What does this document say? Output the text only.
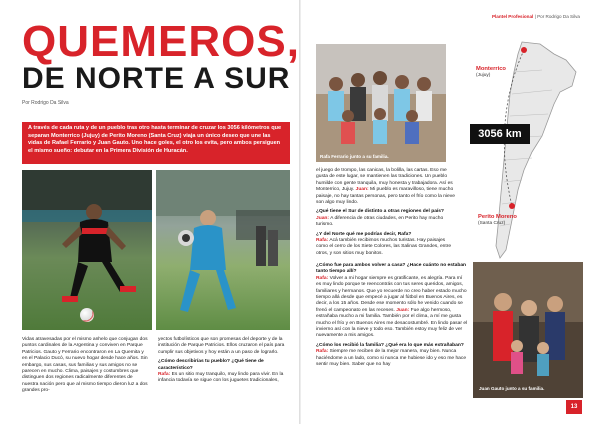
QUEMEROS,
DE NORTE A SUR
Por Rodrigo Da Silva
A través de cada ruta y de un pueblo tras otro hasta terminar de cruzar los 3056 kilómetros que separan Monterrico (Jujuy) de Perito Moreno (Santa Cruz) viaja un único deseo que une las vidas de Rafael Ferrario y Juan Gauto. Uno hace goles, el otro los evita, pero ambos persiguen el mismo sueño: debutar en la Primera División de Huracán.
Vidas atravesadas por el mismo anhelo que conjugan dos puntos cardinales de la Argentina y conviven en Parque Patricios. Gauto y Ferrario encontraron en La Quemita y en el Palacio Ducó, su nuevo hogar desde hace años. Sin embargo, sus casas, sus familias y sus amigos no se parecen en mucho. Clima, paisajes y costumbres que distinguen dos regiones radicalmente diferentes de nuestra nación pero que al mismo tiempo dieron luz a dos grandes pro-
yectos futbolísticos que son promesas del deporte y de la institución de Parque Patricios. Ellos cruzaron el país para cumplir sus objetivos y hoy están a un paso de lograrlo.
¿Cómo describirías tu pueblo? ¿Qué tiene de característico?
Rafa: Es un sitio muy tranquilo, muy lindo para vivir. En la infancia todavía se sigue con los juguetes tradicionales,
Plantel Profesional | Por Rodrigo Da Silva
Rafa Ferrario junto a su familia.
el juego de trompo, las canicas, la bolilla, las cartas. Eso me gusta de este lugar, se mantienen las tradiciones. Un pueblo humilde con gente tranquila, muy honesta y trabajadora. Así es Monterrico, Jujuy. Juan: Mi pueblo es maravilloso, tiene mucho paisaje, no hay tantas personas, pero tanto el frío como la nieve son algo muy lindo.
¿Qué tiene el Sur de distinto a otras regiones del país?
Juan: A diferencia de otras ciudades, en Perito hay mucho turismo.
¿Y del Norte qué me podrías decir, Rafa?
Rafa: Acá también recibimos muchos turistas. Hay paisajes como el cerro de los Siete Colores, las Salinas Grandes, entre otros, y son sitios muy bonitos.
¿Cómo fue para ambos volver a casa? ¿Hace cuánto no estaban tanto tiempo allí?
Rafa: Volver a mi hogar siempre es gratificante, es alegría. Para mí es muy lindo porque te reencontrás con tus seres queridos, amigos, familiares y hermanos. Que yo recuerde no creo haber estado mucho tiempo allá desde que empecé a jugar al fútbol en Buenos Aires, es decir, a los 15 años. Desde ese momento sólo he venido cuando se frenó el campeonato en las receses. Juan: Fue algo hermoso, estrañaba mucho a mi familia. También por el clima, a mí me gusta mucho el frío y en Buenos Aires me desacostumbré. En lindo pasar el invierno así con la nieve y todo eso. También estoy muy feliz de ver nuevamente a mis amigos.
¿Cómo los recibió la familia? ¿Qué era lo que más extrañaban?
Rafa: Siempre me reciben de la mejor manera, muy bien. Nunca haciéndome a un lado, como si nunca me hubiese ido y eso me hace sentir muy bien. Saber que no hay
Monterrico
(Jujuy)
Perito Moreno
(Santa Cruz)
3056 km
Juan Gauto junto a su familia.
13
